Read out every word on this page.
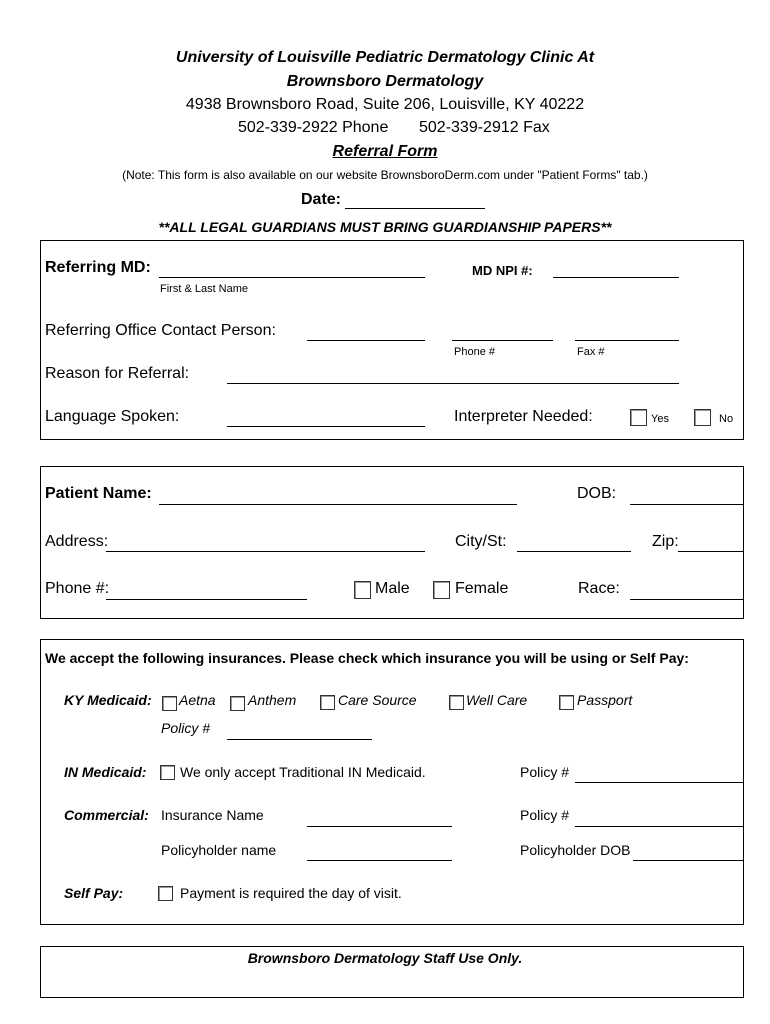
University of Louisville Pediatric Dermatology Clinic At
Brownsboro Dermatology
4938 Brownsboro Road, Suite 206, Louisville, KY 40222
502-339-2922 Phone 502-339-2912 Fax
Referral Form
(Note: This form is also available on our website BrownsboroDerm.com under "Patient Forms" tab.)
Date:
**ALL LEGAL GUARDIANS MUST BRING GUARDIANSHIP PAPERS**
Referring MD:
First & Last Name
MD NPI #:
Referring Office Contact Person:
Phone #	Fax #
Reason for Referral:
Language Spoken:	Interpreter Needed:	Yes	No
Patient Name:	DOB:
Address:	City/St:	Zip:
Phone #:	Male	Female	Race:
We accept the following insurances. Please check which insurance you will be using or Self Pay:
KY Medicaid: Aetna Anthem	Care Source	Well Care	Passport
Policy #
IN Medicaid: We only accept Traditional IN Medicaid.	Policy #
Commercial: Insurance Name	Policy #
Policyholder name	Policyholder DOB
Self Pay:	Payment is required the day of visit.
Brownsboro Dermatology Staff Use Only.
